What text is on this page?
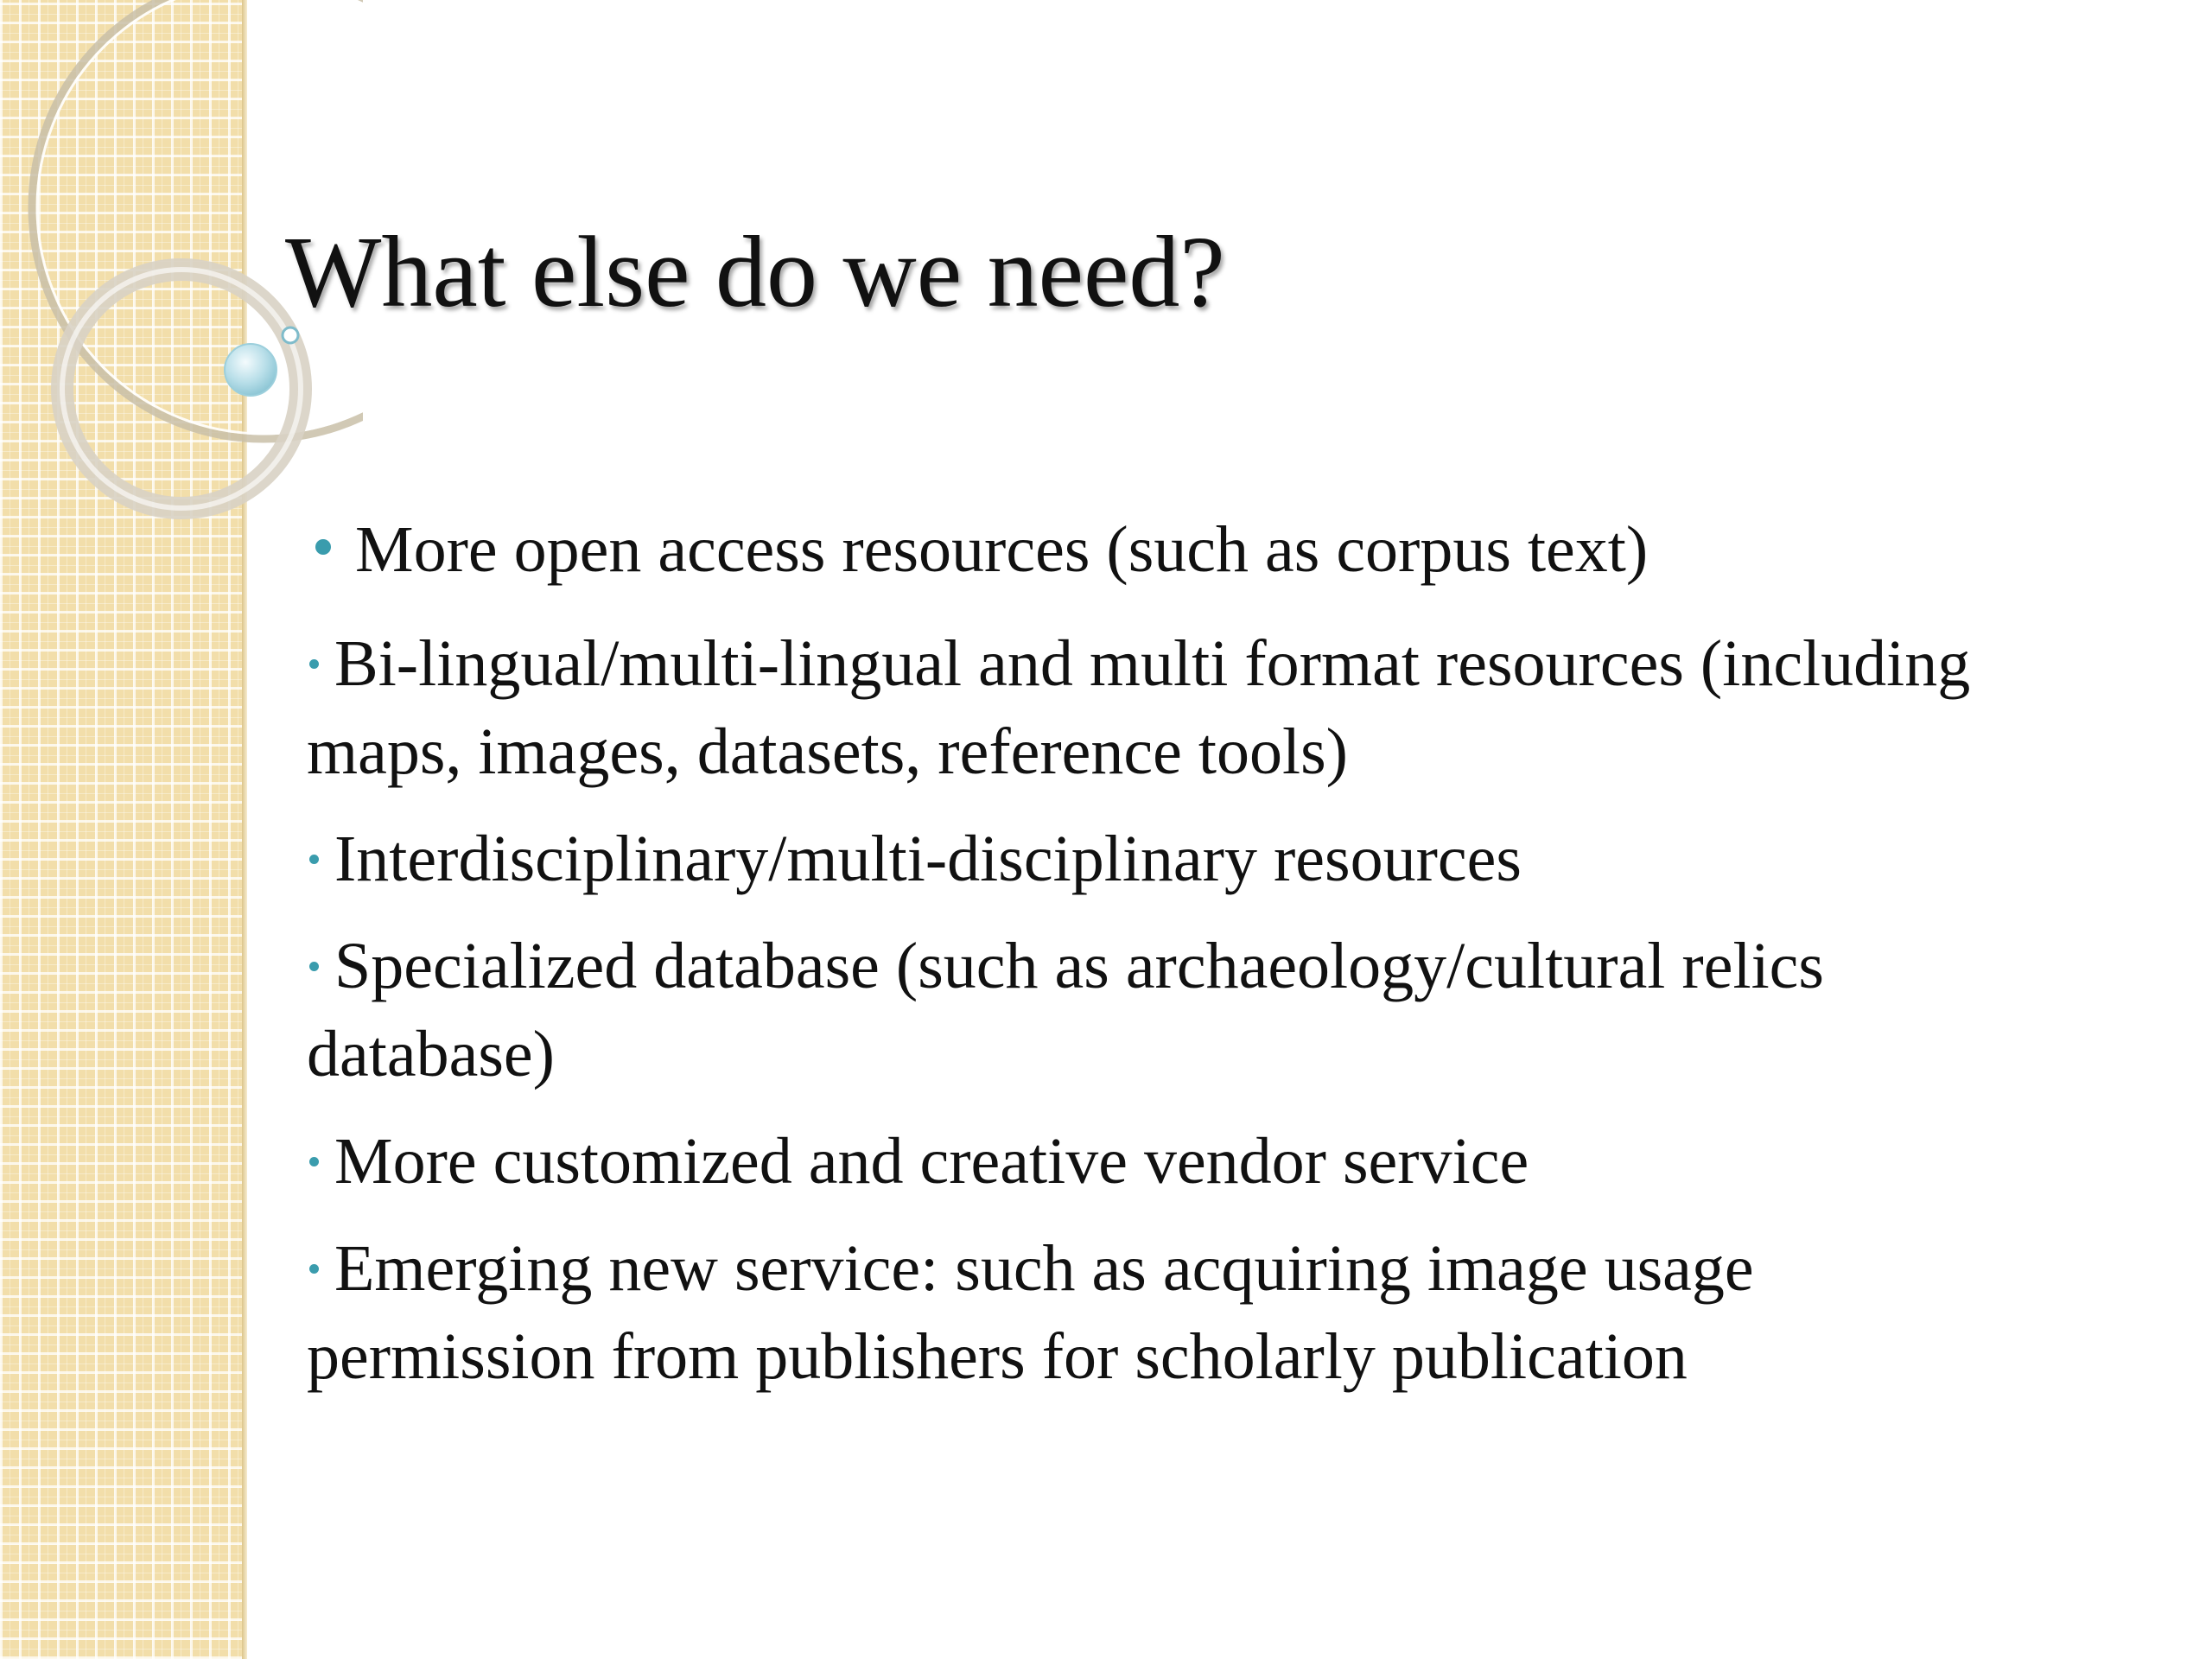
What else do we need?
More open access resources (such as corpus text)
Bi-lingual/multi-lingual and multi format resources (including maps, images, datasets, reference tools)
Interdisciplinary/multi-disciplinary resources
Specialized database (such as archaeology/cultural relics database)
More customized and creative vendor service
Emerging new service: such as acquiring image usage permission from publishers for scholarly publication
